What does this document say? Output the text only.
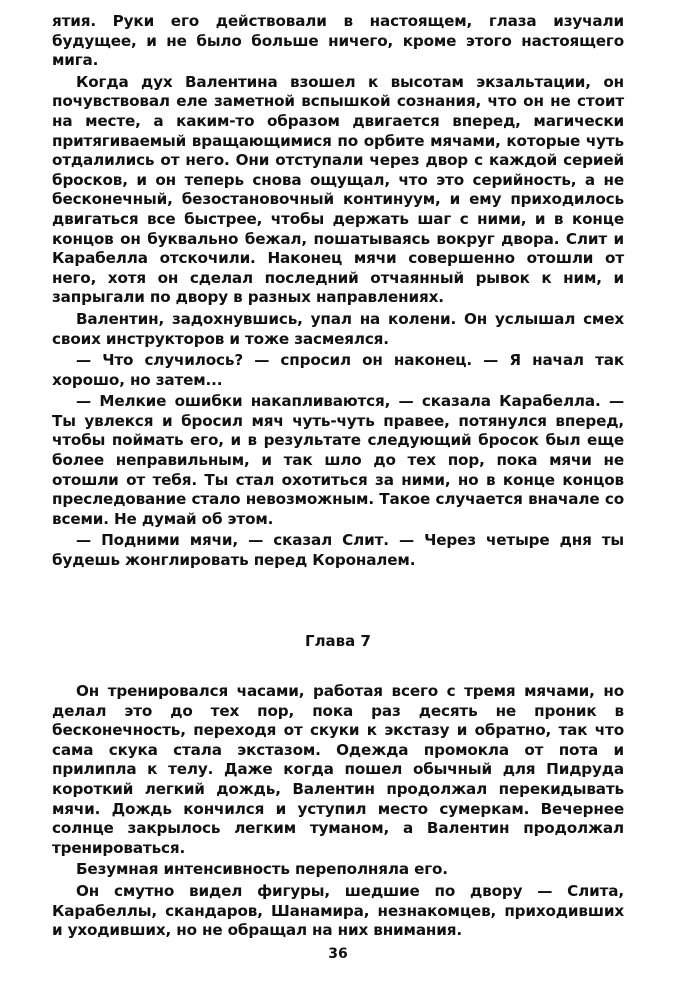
ятия. Руки его действовали в настоящем, глаза изучали будущее, и не было больше ничего, кроме этого настоящего мига.

Когда дух Валентина взошел к высотам экзальтации, он почувствовал еле заметной вспышкой сознания, что он не стоит на месте, а каким-то образом двигается вперед, магически притягиваемый вращающимися по орбите мячами, которые чуть отдалились от него. Они отступали через двор с каждой серией бросков, и он теперь снова ощущал, что это серийность, а не бесконечный, безостановочный континуум, и ему приходилось двигаться все быстрее, чтобы держать шаг с ними, и в конце концов он буквально бежал, пошатываясь вокруг двора. Слит и Карабелла отскочили. Наконец мячи совершенно отошли от него, хотя он сделал последний отчаянный рывок к ним, и запрыгали по двору в разных направлениях.

Валентин, задохнувшись, упал на колени. Он услышал смех своих инструкторов и тоже засмеялся.

— Что случилось? — спросил он наконец. — Я начал так хорошо, но затем...

— Мелкие ошибки накапливаются, — сказала Карабелла. — Ты увлекся и бросил мяч чуть-чуть правее, потянулся вперед, чтобы поймать его, и в результате следующий бросок был еще более неправильным, и так шло до тех пор, пока мячи не отошли от тебя. Ты стал охотиться за ними, но в конце концов преследование стало невозможным. Такое случается вначале со всеми. Не думай об этом.

— Подними мячи, — сказал Слит. — Через четыре дня ты будешь жонглировать перед Короналем.

Глава 7

Он тренировался часами, работая всего с тремя мячами, но делал это до тех пор, пока раз десять не проник в бесконечность, переходя от скуки к экстазу и обратно, так что сама скука стала экстазом. Одежда промокла от пота и прилипла к телу. Даже когда пошел обычный для Пидруда короткий легкий дождь, Валентин продолжал перекидывать мячи. Дождь кончился и уступил место сумеркам. Вечернее солнце закрылось легким туманом, а Валентин продолжал тренироваться.

Безумная интенсивность переполняла его.

Он смутно видел фигуры, шедшие по двору — Слита, Карабеллы, скандаров, Шанамира, незнакомцев, приходивших и уходивших, но не обращал на них внимания.

36
